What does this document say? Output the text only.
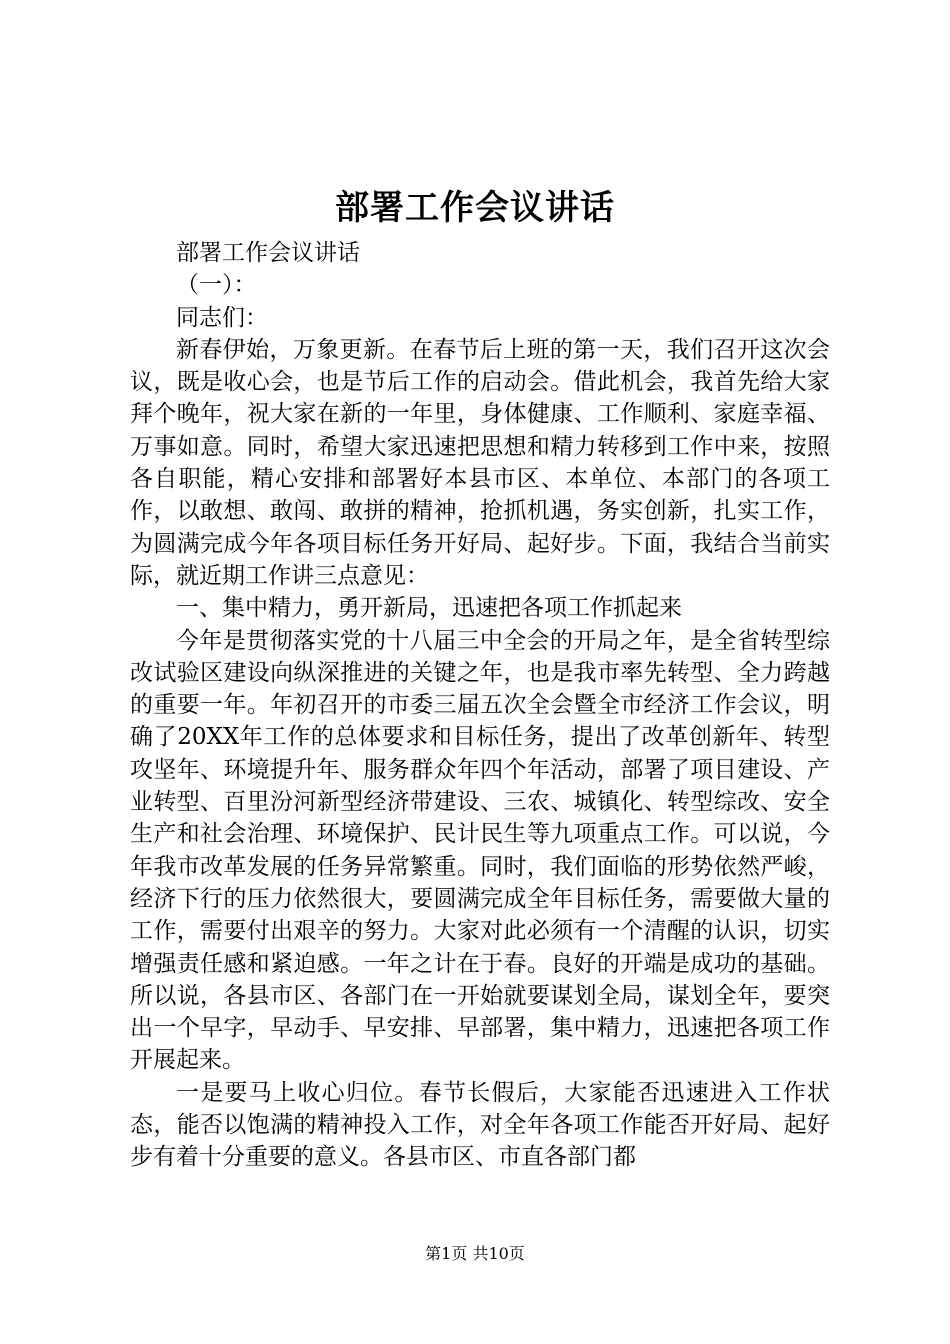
部署工作会议讲话

部署工作会议讲话

（一）：

同志们：

新春伊始，万象更新。在春节后上班的第一天，我们召开这次会议，既是收心会，也是节后工作的启动会。借此机会，我首先给大家拜个晚年，祝大家在新的一年里，身体健康、工作顺利、家庭幸福、万事如意。同时，希望大家迅速把思想和精力转移到工作中来，按照各自职能，精心安排和部署好本县市区、本单位、本部门的各项工作，以敢想、敢闯、敢拼的精神，抢抓机遇，务实创新，扎实工作，为圆满完成今年各项目标任务开好局、起好步。下面，我结合当前实际，就近期工作讲三点意见：

一、集中精力，勇开新局，迅速把各项工作抓起来

今年是贯彻落实党的十八届三中全会的开局之年，是全省转型综改试验区建设向纵深推进的关键之年，也是我市率先转型、全力跨越的重要一年。年初召开的市委三届五次全会暨全市经济工作会议，明确了20XX年工作的总体要求和目标任务，提出了改革创新年、转型攻坚年、环境提升年、服务群众年四个年活动，部署了项目建设、产业转型、百里汾河新型经济带建设、三农、城镇化、转型综改、安全生产和社会治理、环境保护、民计民生等九项重点工作。可以说，今年我市改革发展的任务异常繁重。同时，我们面临的形势依然严峻，经济下行的压力依然很大，要圆满完成全年目标任务，需要做大量的工作，需要付出艰辛的努力。大家对此必须有一个清醒的认识，切实增强责任感和紧迫感。一年之计在于春。良好的开端是成功的基础。所以说，各县市区、各部门在一开始就要谋划全局，谋划全年，要突出一个早字，早动手、早安排、早部署，集中精力，迅速把各项工作开展起来。

一是要马上收心归位。春节长假后，大家能否迅速进入工作状态，能否以饱满的精神投入工作，对全年各项工作能否开好局、起好步有着十分重要的意义。各县市区、市直各部门都

第1页 共10页
